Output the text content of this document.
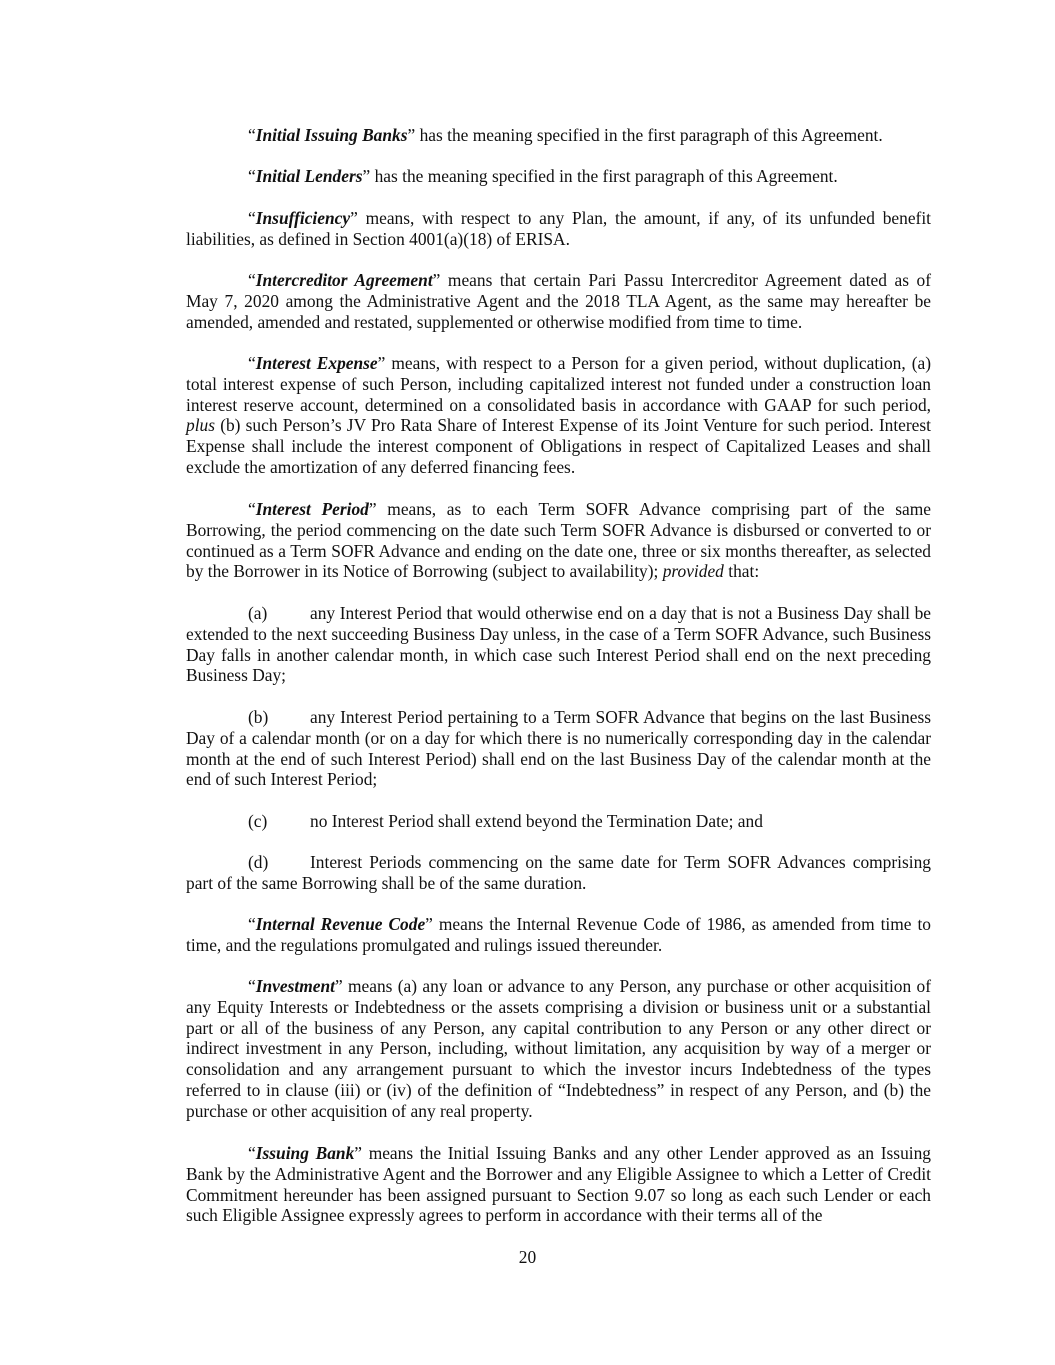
“Initial Issuing Banks” has the meaning specified in the first paragraph of this Agreement.

“Initial Lenders” has the meaning specified in the first paragraph of this Agreement.

“Insufficiency” means, with respect to any Plan, the amount, if any, of its unfunded benefit liabilities, as defined in Section 4001(a)(18) of ERISA.

“Intercreditor Agreement” means that certain Pari Passu Intercreditor Agreement dated as of May 7, 2020 among the Administrative Agent and the 2018 TLA Agent, as the same may hereafter be amended, amended and restated, supplemented or otherwise modified from time to time.

“Interest Expense” means, with respect to a Person for a given period, without duplication, (a) total interest expense of such Person, including capitalized interest not funded under a construction loan interest reserve account, determined on a consolidated basis in accordance with GAAP for such period, plus (b) such Person’s JV Pro Rata Share of Interest Expense of its Joint Venture for such period. Interest Expense shall include the interest component of Obligations in respect of Capitalized Leases and shall exclude the amortization of any deferred financing fees.

“Interest Period” means, as to each Term SOFR Advance comprising part of the same Borrowing, the period commencing on the date such Term SOFR Advance is disbursed or converted to or continued as a Term SOFR Advance and ending on the date one, three or six months thereafter, as selected by the Borrower in its Notice of Borrowing (subject to availability); provided that:

(a) any Interest Period that would otherwise end on a day that is not a Business Day shall be extended to the next succeeding Business Day unless, in the case of a Term SOFR Advance, such Business Day falls in another calendar month, in which case such Interest Period shall end on the next preceding Business Day;

(b) any Interest Period pertaining to a Term SOFR Advance that begins on the last Business Day of a calendar month (or on a day for which there is no numerically corresponding day in the calendar month at the end of such Interest Period) shall end on the last Business Day of the calendar month at the end of such Interest Period;

(c) no Interest Period shall extend beyond the Termination Date; and

(d) Interest Periods commencing on the same date for Term SOFR Advances comprising part of the same Borrowing shall be of the same duration.

“Internal Revenue Code” means the Internal Revenue Code of 1986, as amended from time to time, and the regulations promulgated and rulings issued thereunder.

“Investment” means (a) any loan or advance to any Person, any purchase or other acquisition of any Equity Interests or Indebtedness or the assets comprising a division or business unit or a substantial part or all of the business of any Person, any capital contribution to any Person or any other direct or indirect investment in any Person, including, without limitation, any acquisition by way of a merger or consolidation and any arrangement pursuant to which the investor incurs Indebtedness of the types referred to in clause (iii) or (iv) of the definition of “Indebtedness” in respect of any Person, and (b) the purchase or other acquisition of any real property.

“Issuing Bank” means the Initial Issuing Banks and any other Lender approved as an Issuing Bank by the Administrative Agent and the Borrower and any Eligible Assignee to which a Letter of Credit Commitment hereunder has been assigned pursuant to Section 9.07 so long as each such Lender or each such Eligible Assignee expressly agrees to perform in accordance with their terms all of the

20
